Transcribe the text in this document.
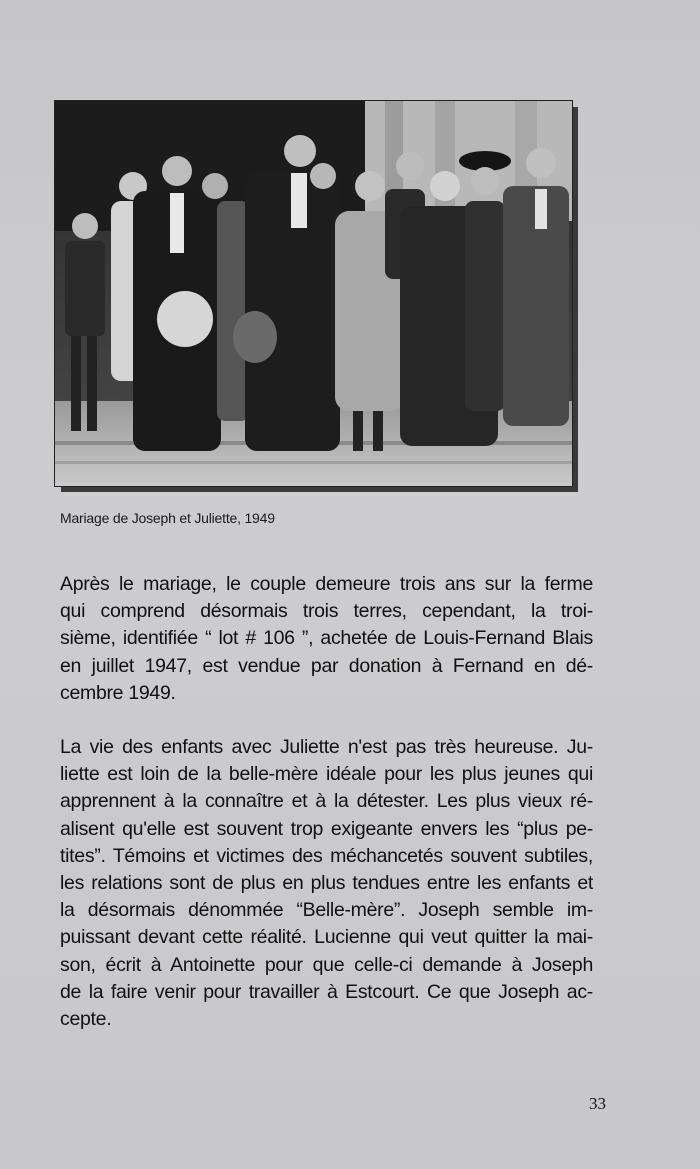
Mariage de Joseph et Juliette, 1949
Après le mariage, le couple demeure trois ans sur la ferme
qui comprend désormais trois terres, cependant, la troi-
sième, identifiée “ lot # 106 ”, achetée de Louis-Fernand Blais
en juillet 1947, est vendue par donation à Fernand en dé-
cembre 1949.
La vie des enfants avec Juliette n'est pas très heureuse. Ju-
liette est loin de la belle-mère idéale pour les plus jeunes qui
apprennent à la connaître et à la détester. Les plus vieux ré-
alisent qu'elle est souvent trop exigeante envers les “plus pe-
tites”. Témoins et victimes des méchancetés souvent subtiles,
les relations sont de plus en plus tendues entre les enfants et
la désormais dénommée “Belle-mère”. Joseph semble im-
puissant devant cette réalité. Lucienne qui veut quitter la mai-
son, écrit à Antoinette pour que celle-ci demande à Joseph
de la faire venir pour travailler à Estcourt. Ce que Joseph ac-
cepte.
33
